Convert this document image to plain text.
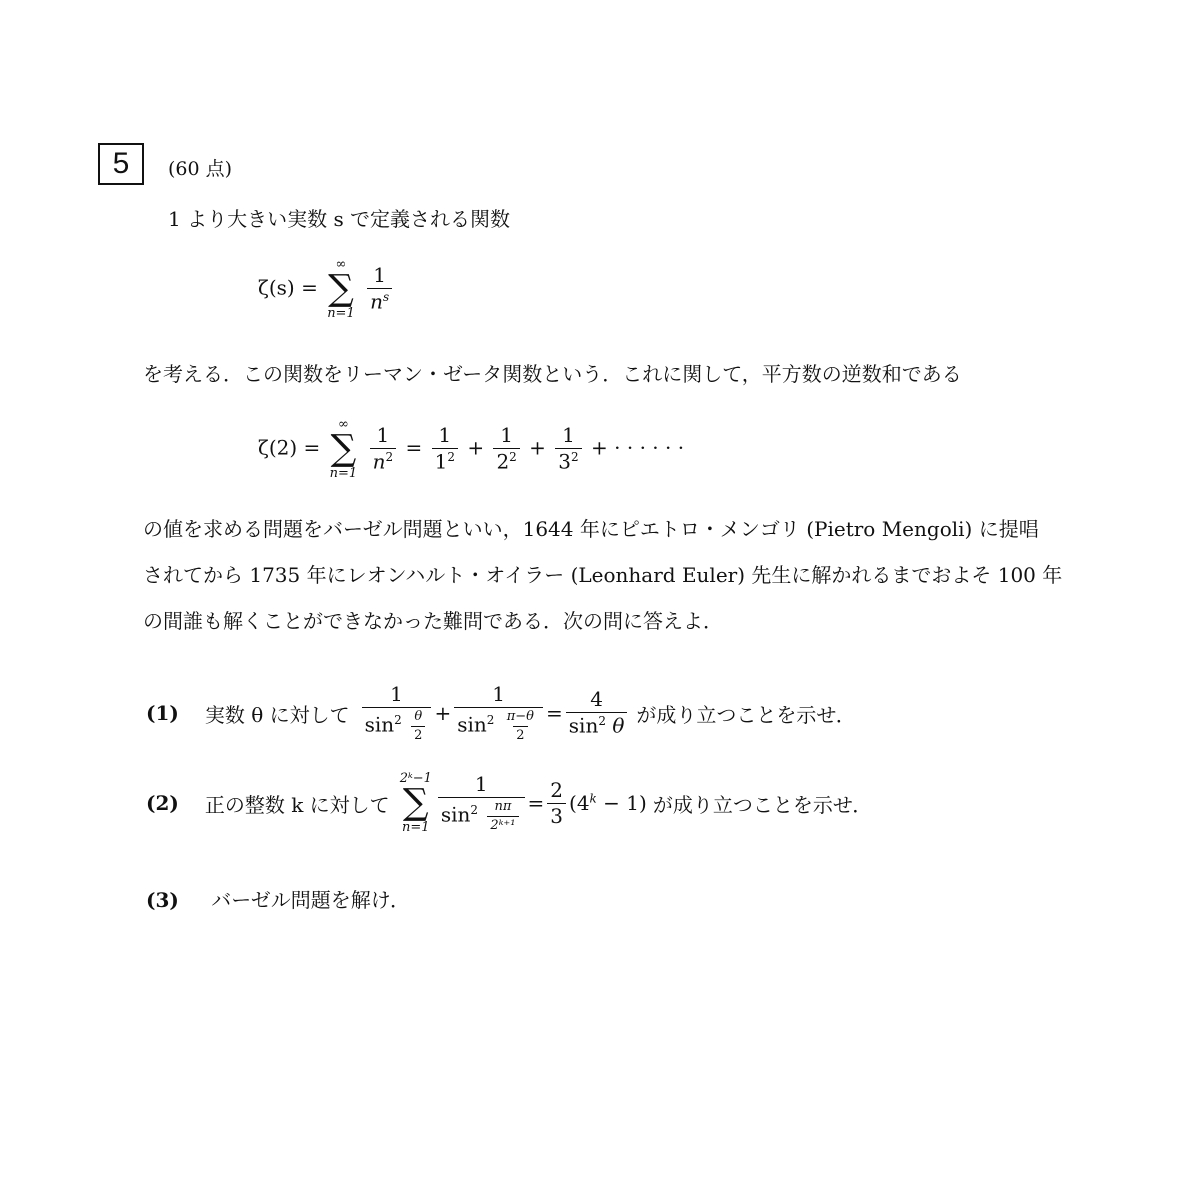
5 (60 点)
1 より大きい実数 s で定義される関数
ζ(s) =
∞
∑
n=1

$\frac{1}{n^s}$
を考える．この関数をリーマン・ゼータ関数という．これに関して，平方数の逆数和である
ζ(2) =
∞
∑
n=1

$\frac{1}{n^2} = \frac{1}{1^2} + \frac{1}{2^2} + \frac{1}{3^2}$ + · · · · · ·
の値を求める問題をバーゼル問題といい，1644 年にピエトロ・メンゴリ (Pietro Mengoli) に提唱
されてから 1735 年にレオンハルト・オイラー (Leonhard Euler) 先生に解かれるまでおよそ 100 年
の間誰も解くことができなかった難問である．次の問に答えよ．
(1) 実数 θ に対して $\frac{1}{\sin^2 \frac{\theta}{2}} + \frac{1}{\sin^2 \frac{\pi-\theta}{2}} = \frac{4}{\sin^2 \theta}$ が成り立つことを示せ．
(2) 正の整数 k に対して
2ᵏ−1
∑
$n=1 \frac{1}{\sin^2 \frac{n\pi}{\text{2ᵏ⁺¹}}} = \frac{2}{3} (4^k - 1)$ が成り立つことを示せ．
(3) バーゼル問題を解け．
